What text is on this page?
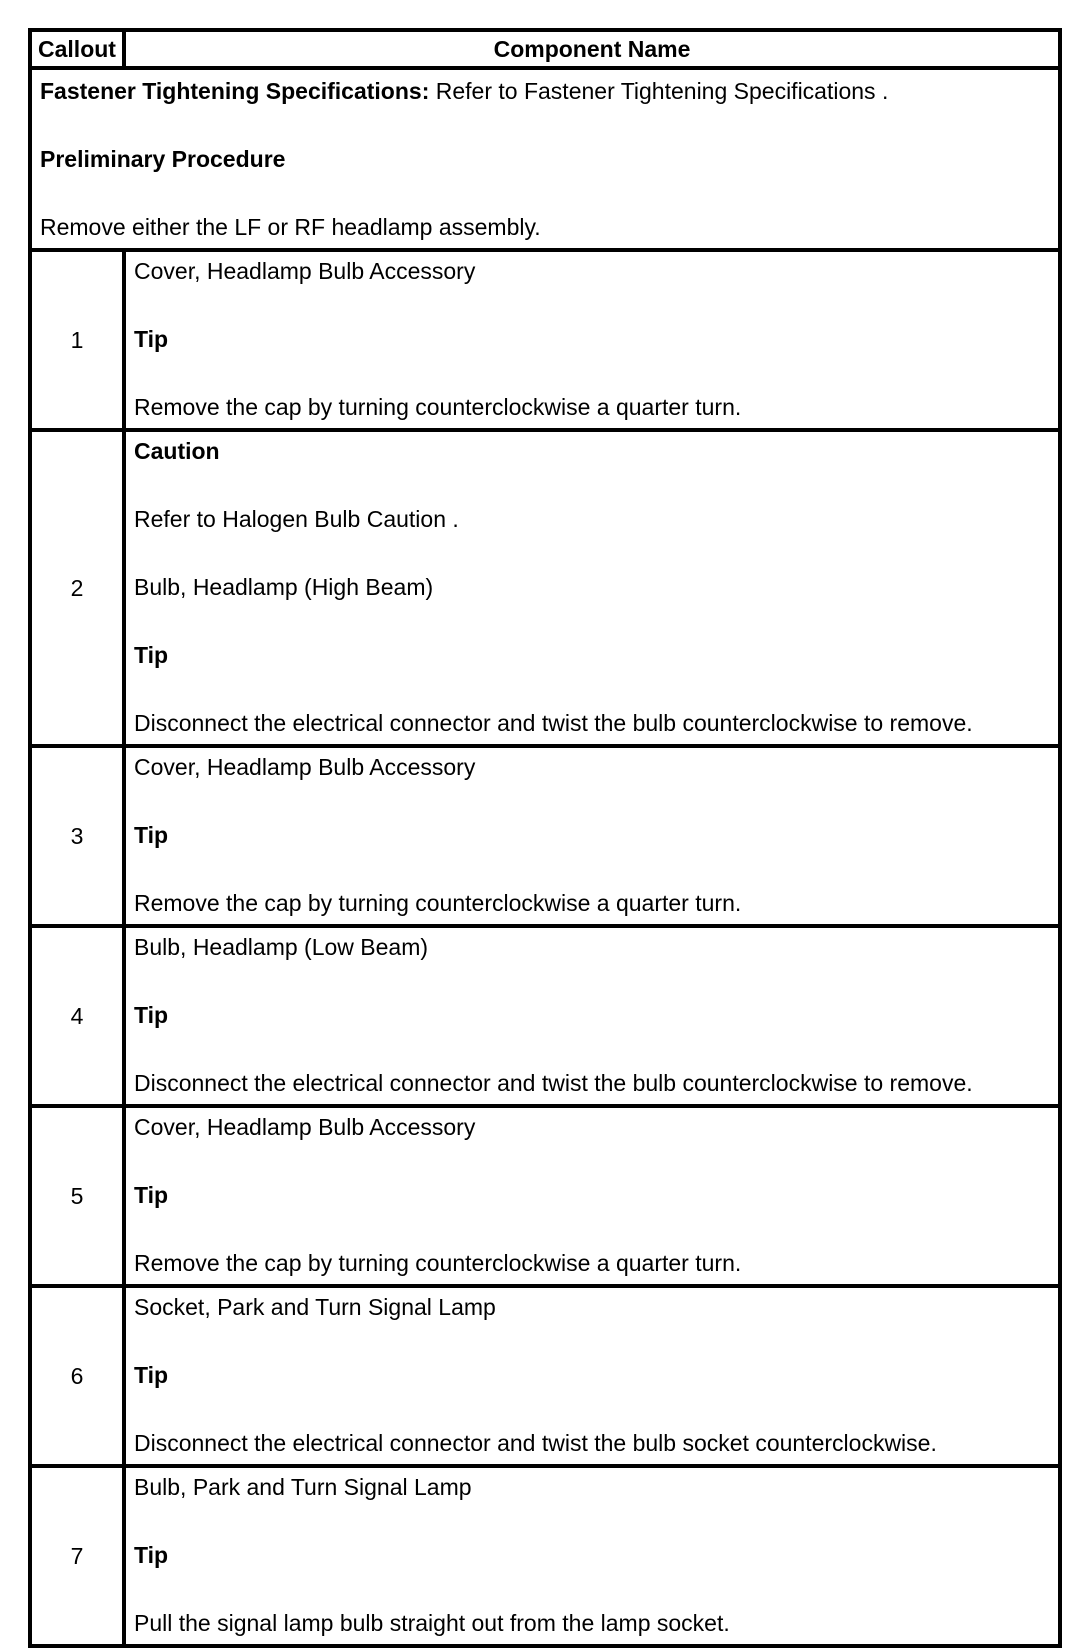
Callout	Component Name

Fastener Tightening Specifications: Refer to Fastener Tightening Specifications .
Preliminary Procedure
Remove either the LF or RF headlamp assembly.	

1	Cover, Headlamp Bulb Accessory
Tip
Remove the cap by turning counterclockwise a quarter turn.

2	Caution
Refer to Halogen Bulb Caution .
Bulb, Headlamp (High Beam)
Tip
Disconnect the electrical connector and twist the bulb counterclockwise to remove.

3	Cover, Headlamp Bulb Accessory
Tip
Remove the cap by turning counterclockwise a quarter turn.

4	Bulb, Headlamp (Low Beam)
Tip
Disconnect the electrical connector and twist the bulb counterclockwise to remove.

5	Cover, Headlamp Bulb Accessory
Tip
Remove the cap by turning counterclockwise a quarter turn.

6	Socket, Park and Turn Signal Lamp
Tip
Disconnect the electrical connector and twist the bulb socket counterclockwise.

7	Bulb, Park and Turn Signal Lamp
Tip
Pull the signal lamp bulb straight out from the lamp socket.
